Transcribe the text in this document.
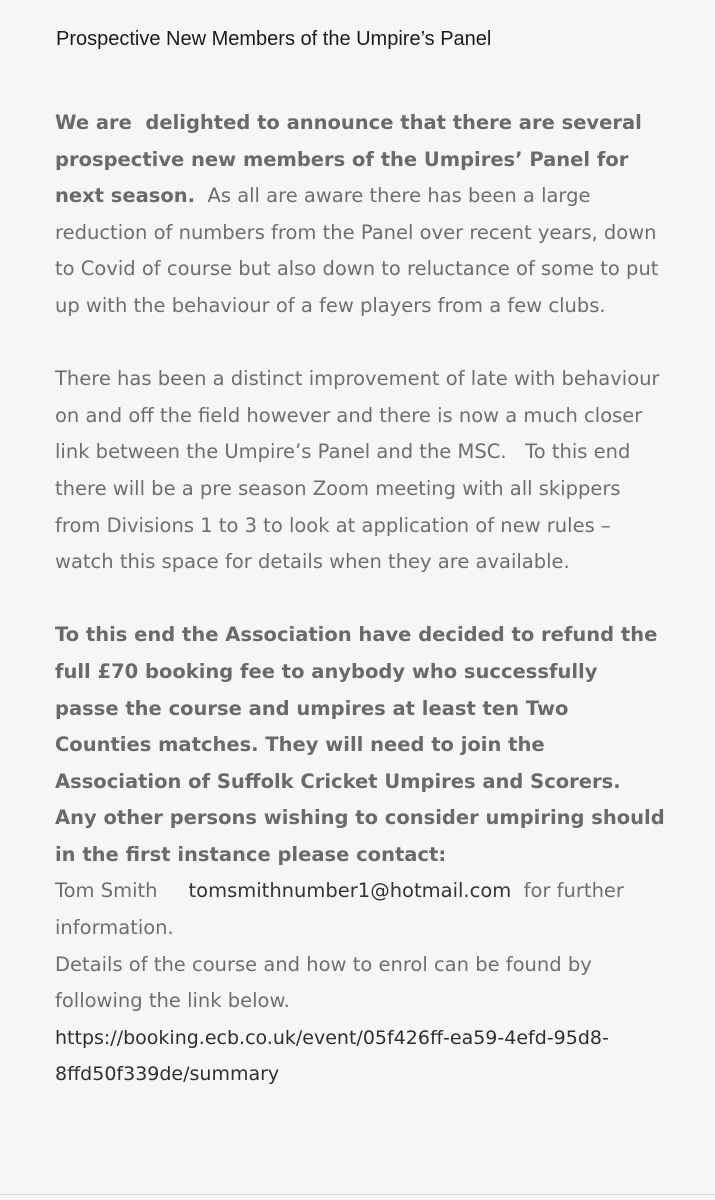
Prospective New Members of the Umpire’s Panel

We are  delighted to announce that there are several prospective new members of the Umpires’ Panel for next season.  As all are aware there has been a large reduction of numbers from the Panel over recent years, down to Covid of course but also down to reluctance of some to put up with the behaviour of a few players from a few clubs.

There has been a distinct improvement of late with behaviour on and off the field however and there is now a much closer link between the Umpire’s Panel and the MSC.   To this end there will be a pre season Zoom meeting with all skippers from Divisions 1 to 3 to look at application of new rules – watch this space for details when they are available.

To this end the Association have decided to refund the full £70 booking fee to anybody who successfully passe the course and umpires at least ten Two Counties matches. They will need to join the Association of Suffolk Cricket Umpires and Scorers.  Any other persons wishing to consider umpiring should in the first instance please contact:
Tom Smith tomsmithnumber1@hotmail.com for further information.
Details of the course and how to enrol can be found by following the link below.
https://booking.ecb.co.uk/event/05f426ff-ea59-4efd-95d8-
8ffd50f339de/summary
